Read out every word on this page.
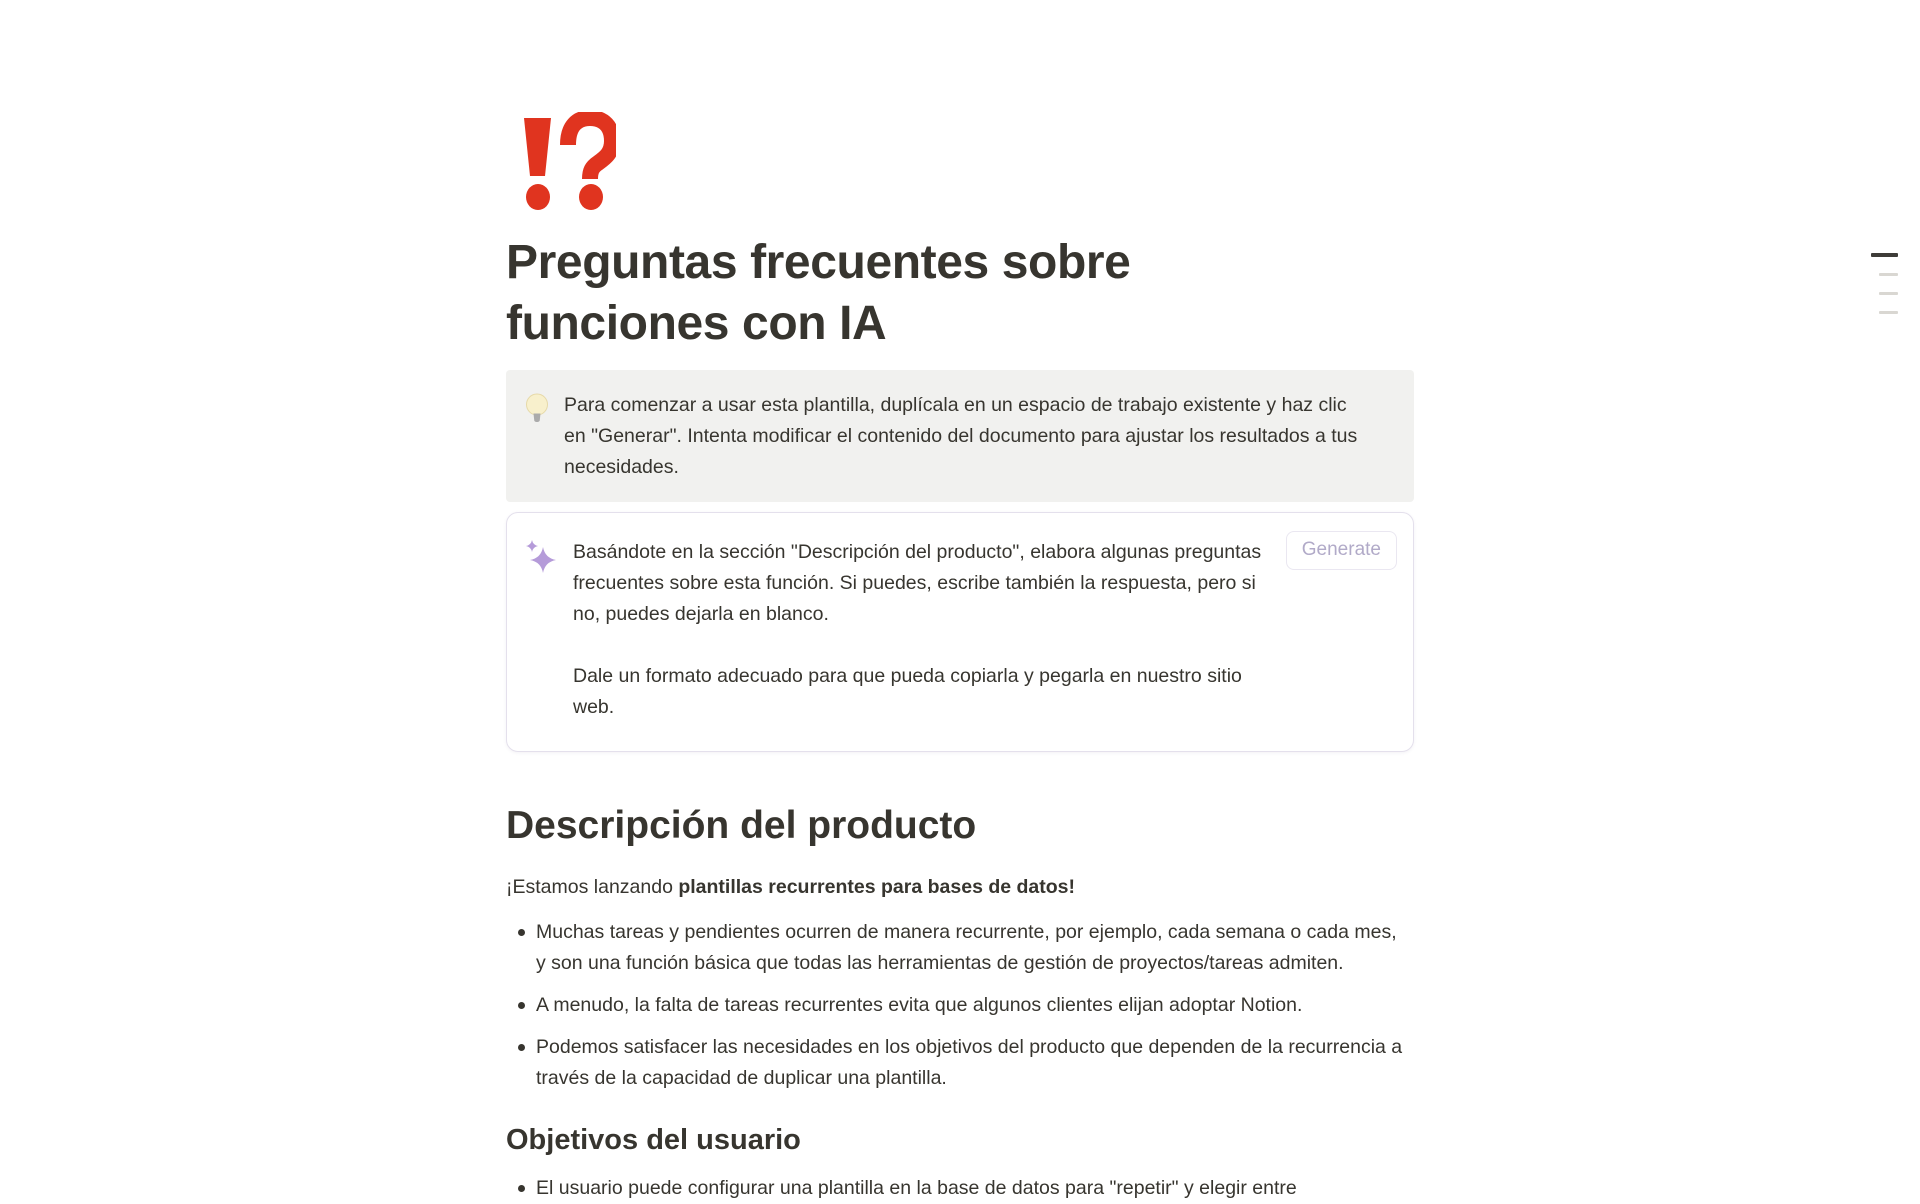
Preguntas frecuentes sobre funciones con IA
Para comenzar a usar esta plantilla, duplícala en un espacio de trabajo existente y haz clic en "Generar". Intenta modificar el contenido del documento para ajustar los resultados a tus necesidades.

Basándote en la sección "Descripción del producto", elabora algunas preguntas frecuentes sobre esta función. Si puedes, escribe también la respuesta, pero si no, puedes dejarla en blanco.

Dale un formato adecuado para que pueda copiarla y pegarla en nuestro sitio web.

Generate
Descripción del producto

¡Estamos lanzando plantillas recurrentes para bases de datos!

Muchas tareas y pendientes ocurren de manera recurrente, por ejemplo, cada semana o cada mes, y son una función básica que todas las herramientas de gestión de proyectos/tareas admiten.
A menudo, la falta de tareas recurrentes evita que algunos clientes elijan adoptar Notion.
Podemos satisfacer las necesidades en los objetivos del producto que dependen de la recurrencia a través de la capacidad de duplicar una plantilla.
Objetivos del usuario
El usuario puede configurar una plantilla en la base de datos para "repetir" y elegir entre
